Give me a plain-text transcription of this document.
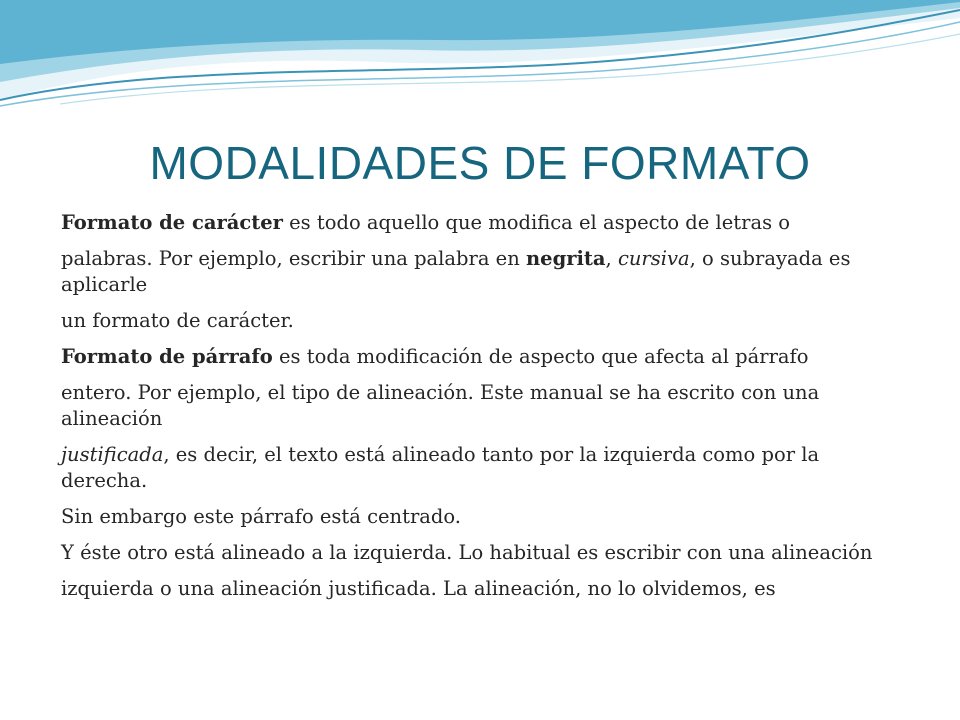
MODALIDADES DE FORMATO

Formato de carácter es todo aquello que modifica el aspecto de letras o

palabras. Por ejemplo, escribir una palabra en negrita, cursiva, o subrayada es aplicarle

un formato de carácter.

Formato de párrafo es toda modificación de aspecto que afecta al párrafo

entero. Por ejemplo, el tipo de alineación. Este manual se ha escrito con una alineación

justificada, es decir, el texto está alineado tanto por la izquierda como por la derecha.

Sin embargo este párrafo está centrado.

Y éste otro está alineado a la izquierda. Lo habitual es escribir con una alineación

izquierda o una alineación justificada. La alineación, no lo olvidemos, es
